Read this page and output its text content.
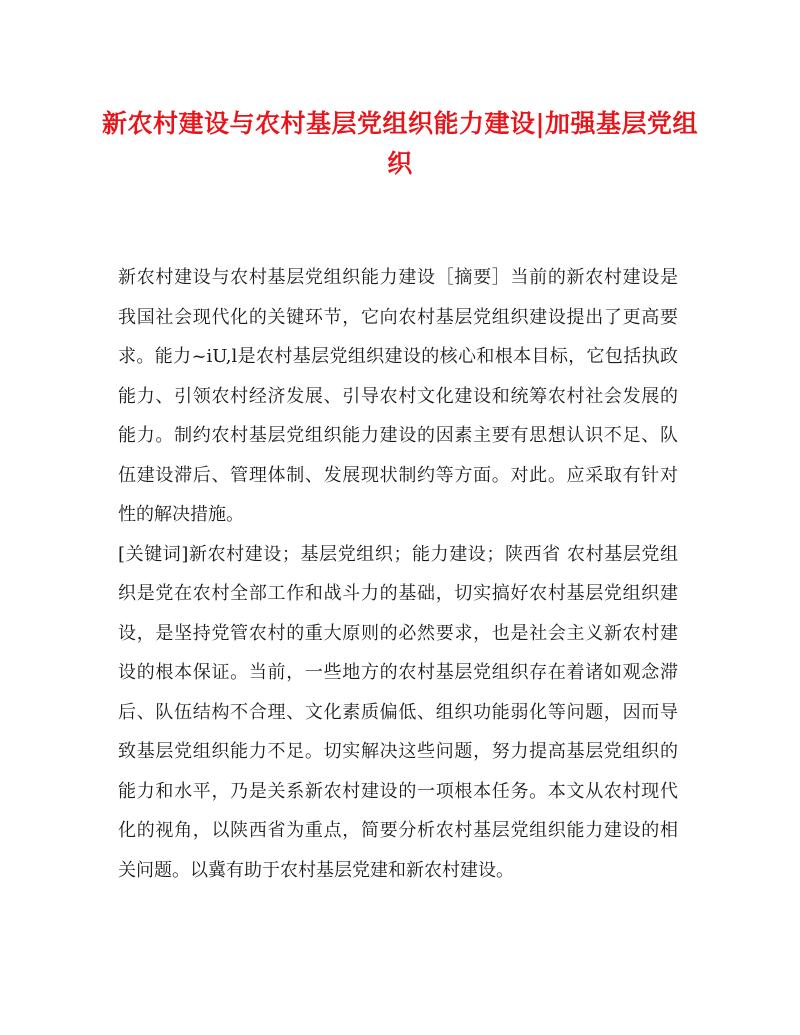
新农村建设与农村基层党组织能力建设|加强基层党组织
新农村建设与农村基层党组织能力建设［摘要］当前的新农村建设是
我国社会现代化的关键环节，它向农村基层党组织建设提出了更高要
求。能力~iU,l是农村基层党组织建设的核心和根本目标，它包括执政
能力、引领农村经济发展、引导农村文化建设和统筹农村社会发展的
能力。制约农村基层党组织能力建设的因素主要有思想认识不足、队
伍建设滞后、管理体制、发展现状制约等方面。对此。应采取有针对
性的解决措施。
[关键词]新农村建设；基层党组织；能力建设；陕西省 农村基层党组
织是党在农村全部工作和战斗力的基础，切实搞好农村基层党组织建
设，是坚持党管农村的重大原则的必然要求，也是社会主义新农村建
设的根本保证。当前，一些地方的农村基层党组织存在着诸如观念滞
后、队伍结构不合理、文化素质偏低、组织功能弱化等问题，因而导
致基层党组织能力不足。切实解决这些问题，努力提高基层党组织的
能力和水平，乃是关系新农村建设的一项根本任务。本文从农村现代
化的视角，以陕西省为重点，简要分析农村基层党组织能力建设的相
关问题。以冀有助于农村基层党建和新农村建设。
